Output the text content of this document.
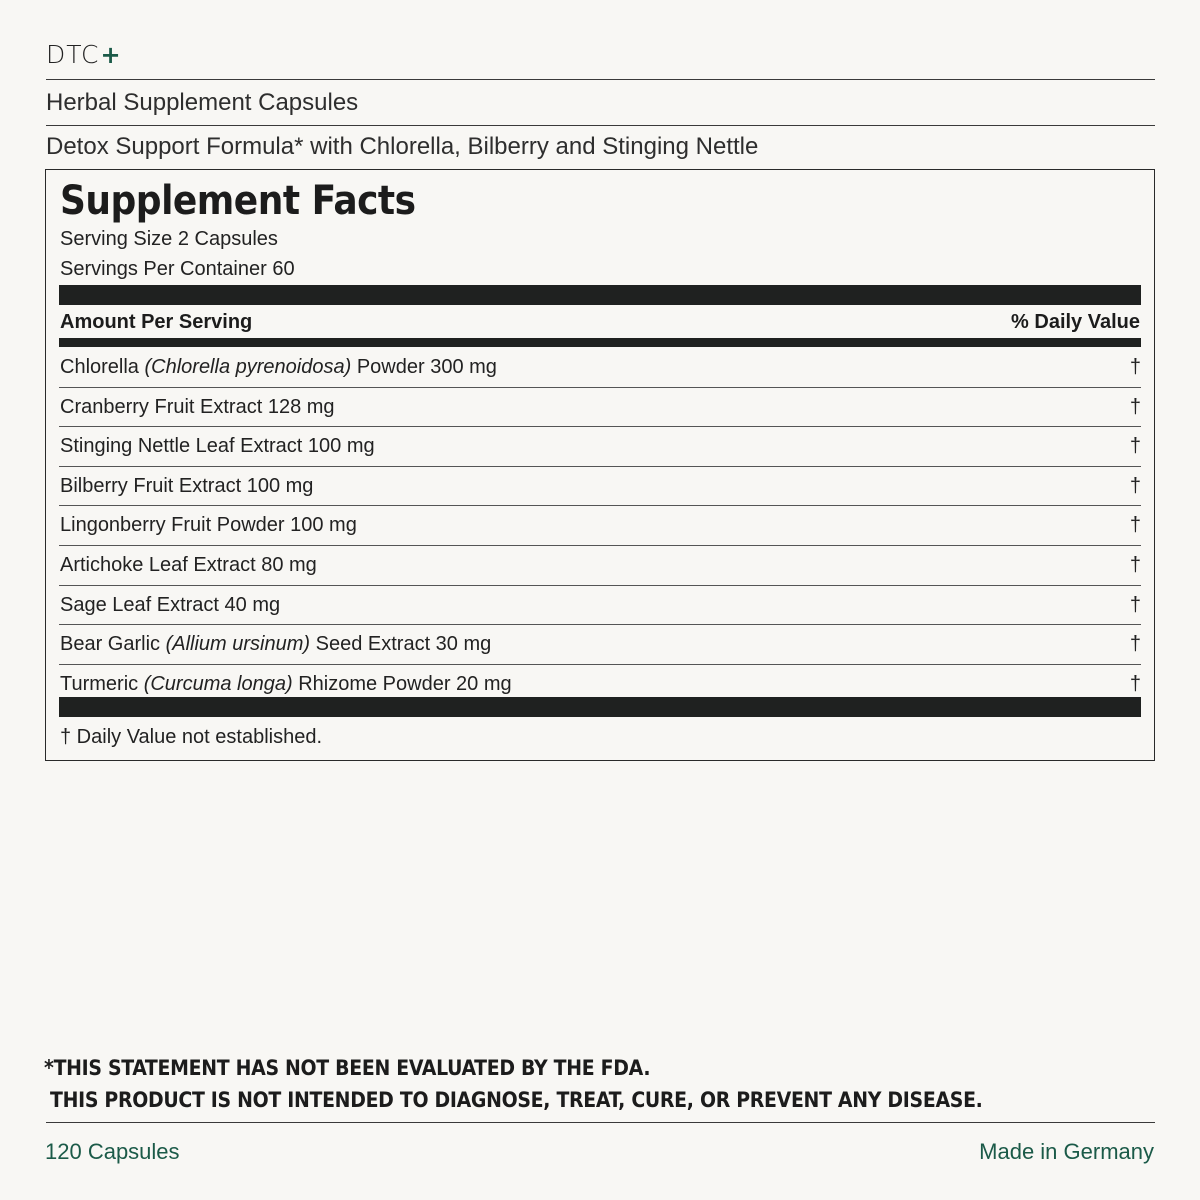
DTC+
Herbal Supplement Capsules
Detox Support Formula* with Chlorella, Bilberry and Stinging Nettle
Supplement Facts
Serving Size 2 Capsules
Servings Per Container 60
Amount Per Serving	% Daily Value
Chlorella (Chlorella pyrenoidosa) Powder 300 mg	†
Cranberry Fruit Extract 128 mg	†
Stinging Nettle Leaf Extract 100 mg	†
Bilberry Fruit Extract 100 mg	†
Lingonberry Fruit Powder 100 mg	†
Artichoke Leaf Extract 80 mg	†
Sage Leaf Extract 40 mg	†
Bear Garlic (Allium ursinum) Seed Extract 30 mg	†
Turmeric (Curcuma longa) Rhizome Powder 20 mg	†
† Daily Value not established.
*THIS STATEMENT HAS NOT BEEN EVALUATED BY THE FDA.
THIS PRODUCT IS NOT INTENDED TO DIAGNOSE, TREAT, CURE, OR PREVENT ANY DISEASE.
120 Capsules	Made in Germany
